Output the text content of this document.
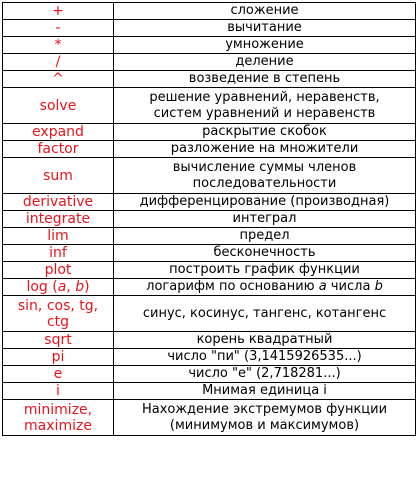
+	сложение
-	вычитание
*	умножение
/	деление
^	возведение в степень
solve	решение уравнений, неравенств,
систем уравнений и неравенств
expand	раскрытие скобок
factor	разложение на множители
sum	вычисление суммы членов
последовательности
derivative	дифференцирование (производная)
integrate	интеграл
lim	предел
inf	бесконечность
plot	построить график функции
log (a, b)	логарифм по основанию a числа b
sin, cos, tg,
ctg	синус, косинус, тангенс, котангенс
sqrt	корень квадратный
pi	число "пи" (3,1415926535...)
e	число "е" (2,718281...)
i	Мнимая единица i
minimize,
maximize	Нахождение экстремумов функции
(минимумов и максимумов)
